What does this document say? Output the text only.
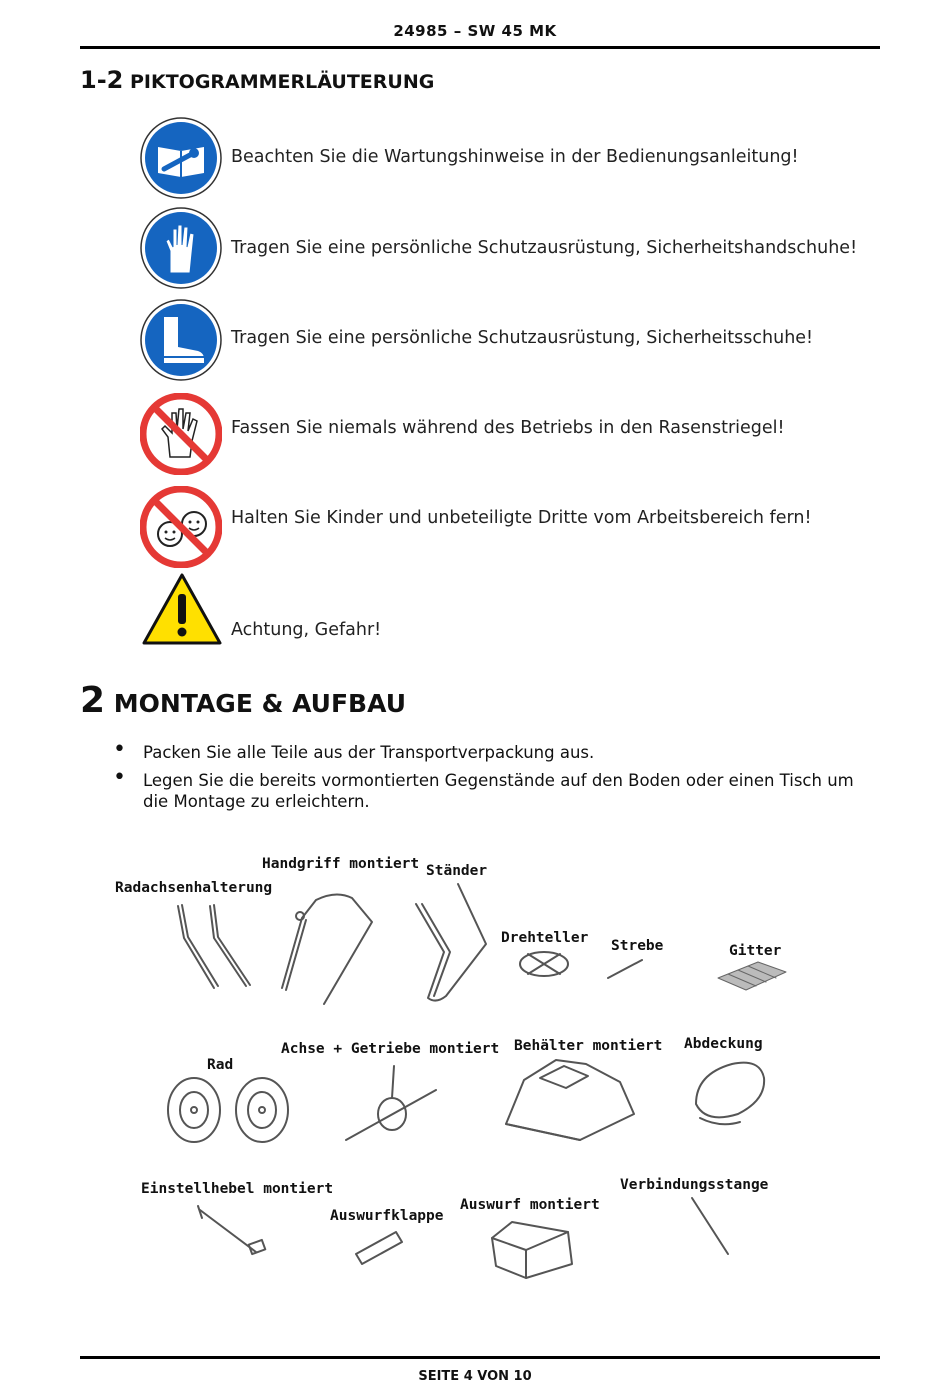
24985 – SW 45 MK
1-2 PIKTOGRAMMERLÄUTERUNG
Beachten Sie die Wartungshinweise in der Bedienungsanleitung!
Tragen Sie eine persönliche Schutzausrüstung, Sicherheitshandschuhe!
Tragen Sie eine persönliche Schutzausrüstung, Sicherheitsschuhe!
Fassen Sie niemals während des Betriebs in den Rasenstriegel!
Halten Sie Kinder und unbeteiligte Dritte vom Arbeitsbereich fern!
Achtung, Gefahr!
2 MONTAGE & AUFBAU
• Packen Sie alle Teile aus der Transportverpackung aus.
• Legen Sie die bereits vormontierten Gegenstände auf den Boden oder einen Tisch um die Montage zu erleichtern.
Handgriff montiert Ständer
Radachsenhalterung
Drehteller Strebe	Gitter
Abdeckung
Behälter montiert
Achse + Getriebe montiert
Rad
Verbindungsstange
Einstellhebel montiert
Auswurf montiert
Auswurfklappe
SEITE 4 VON 10
